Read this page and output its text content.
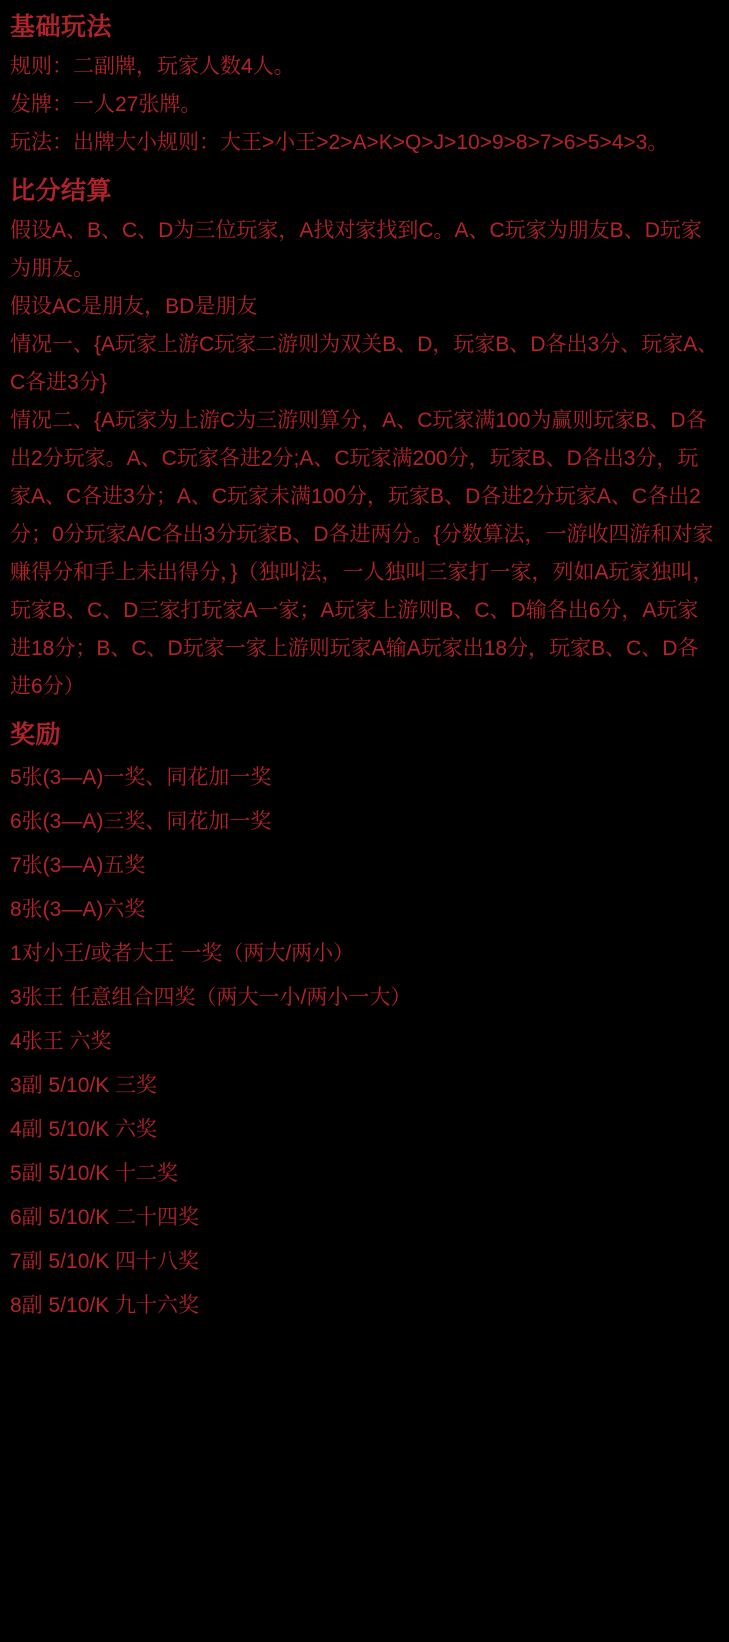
基础玩法

规则：二副牌，玩家人数4人。

发牌：一人27张牌。

玩法：出牌大小规则：大王>小王>2>A>K>Q>J>10>9>8>7>6>5>4>3。

比分结算

假设A、B、C、D为三位玩家，A找对家找到C。A、C玩家为朋友B、D玩家为朋友。

假设AC是朋友，BD是朋友

情况一、{A玩家上游C玩家二游则为双关B、D，玩家B、D各出3分、玩家A、C各进3分}

情况二、{A玩家为上游C为三游则算分，A、C玩家满100为赢则玩家B、D各出2分玩家。A、C玩家各进2分;A、C玩家满200分，玩家B、D各出3分，玩家A、C各进3分；A、C玩家未满100分，玩家B、D各进2分玩家A、C各出2分；0分玩家A/C各出3分玩家B、D各进两分。{分数算法，一游收四游和对家赚得分和手上未出得分，}（独叫法，一人独叫三家打一家，列如A玩家独叫，玩家B、C、D三家打玩家A一家；A玩家上游则B、C、D输各出6分，A玩家进18分；B、C、D玩家一家上游则玩家A输A玩家出18分，玩家B、C、D各进6分）

奖励

5张(3—A)一奖、同花加一奖

6张(3—A)三奖、同花加一奖

7张(3—A)五奖

8张(3—A)六奖

1对小王/或者大王 一奖（两大/两小）

3张王 任意组合四奖（两大一小/两小一大）

4张王 六奖

3副 5/10/K 三奖

4副 5/10/K 六奖

5副 5/10/K 十二奖

6副 5/10/K 二十四奖

7副 5/10/K 四十八奖

8副 5/10/K 九十六奖
